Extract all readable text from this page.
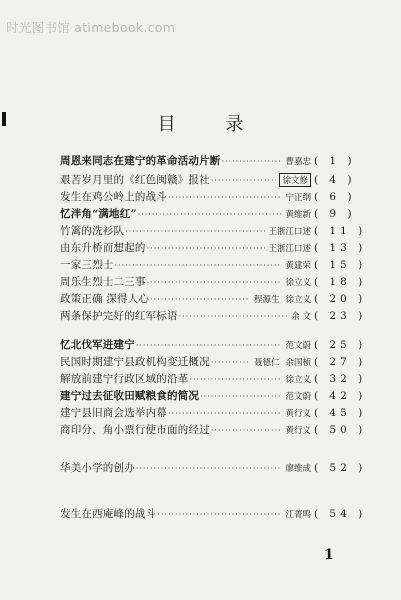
时光图书馆 atimebook.com
目 录
周恩来同志在建宁的革命活动片断 ·····	曹嘉忠 ( 1 )
艰苦岁月里的《红色闽赣》报社 ·····	徐文修 ( 4 )
发生在鸡公岭上的战斗 ·····	宁正纲 ( 6 )
忆泮角“满地红” ·····	黄维新 ( 9 )
竹篱的洗衫队 ·····	王浙江口述 ( 11 )
由东升桥而想起的 ·····	王浙江口述 ( 13 )
一家三烈士 ·····	黄建荣 ( 15 )
周乐生烈士二三事 ·····	徐立义 ( 18 )
政策正确 深得人心 ·····	程源生 徐立义 ( 20 )
两条保护完好的红军标语 ·····	余 文 ( 23 )
忆北伐军进建宁 ·····	范文蔚 ( 25 )
民国时期建宁县政机构变迁概况 ·····	聂德仁 余国桢 ( 27 )
解放前建宁行政区域的沿革 ·····	徐立义 ( 32 )
建宁过去征收田赋粮食的简况 ·····	范文蔚 ( 42 )
建宁县旧商会选举内幕 ·····	黄行义 ( 45 )
商印分、角小票行使市面的经过 ·····	黄行义 ( 50 )
华美小学的创办 ·····	廖维成 ( 52 )
发生在西庵峰的战斗 ·····	江菁鸣 ( 54 )
1
